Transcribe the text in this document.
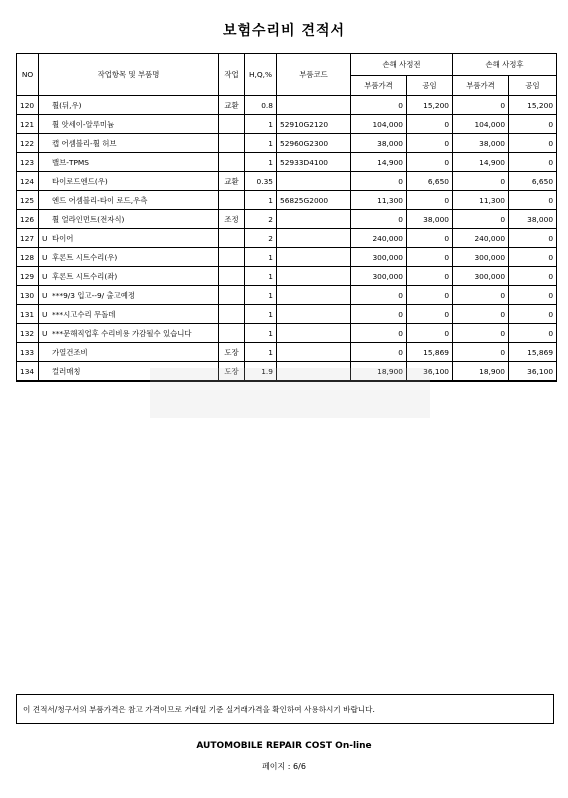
보험수리비 견적서
NO	작업항목 및 부품명	작업	H,Q,%	부품코드	손해 사정전		손해 사정후	
					부품가격	공임	부품가격	공임
120	휠(뒤,우)	교환	0.8		0	15,200	0	15,200
121	휠 앗세이-알루미늄		1	52910G2120	104,000	0	104,000	0
122	캡 어셈블리-휠 허브		1	52960G2300	38,000	0	38,000	0
123	밸브-TPMS		1	52933D4100	14,900	0	14,900	0
124	타이로드엔드(우)	교환	0.35		0	6,650	0	6,650
125	엔드 어셈블리-타이 로드,우측		1	56825G2000	11,300	0	11,300	0
126	휠 얼라인먼트(전자식)	조정	2		0	38,000	0	38,000
127	U 타이어		2		240,000	0	240,000	0
128	U 후론트 시트수리(우)		1		300,000	0	300,000	0
129	U 후론트 시트수리(좌)		1		300,000	0	300,000	0
130	U ***9/3 입고--9/ 출고예정		1		0	0	0	0
131	U ***시고수리 무돌데		1		0	0	0	0
132	U ***문해직업후 수리비용 가감될수 있습니다		1		0	0	0	0
133	가열건조비	도장	1		0	15,869	0	15,869
134	컬러매칭	도장	1.9		18,900	36,100	18,900	36,100
이 견적서/청구서의 부품가격은 참고 가격이므로 거래일 기준 실거래가격을 확인하여 사용하시기 바랍니다.
AUTOMOBILE REPAIR COST On-line
페이지 : 6/6
